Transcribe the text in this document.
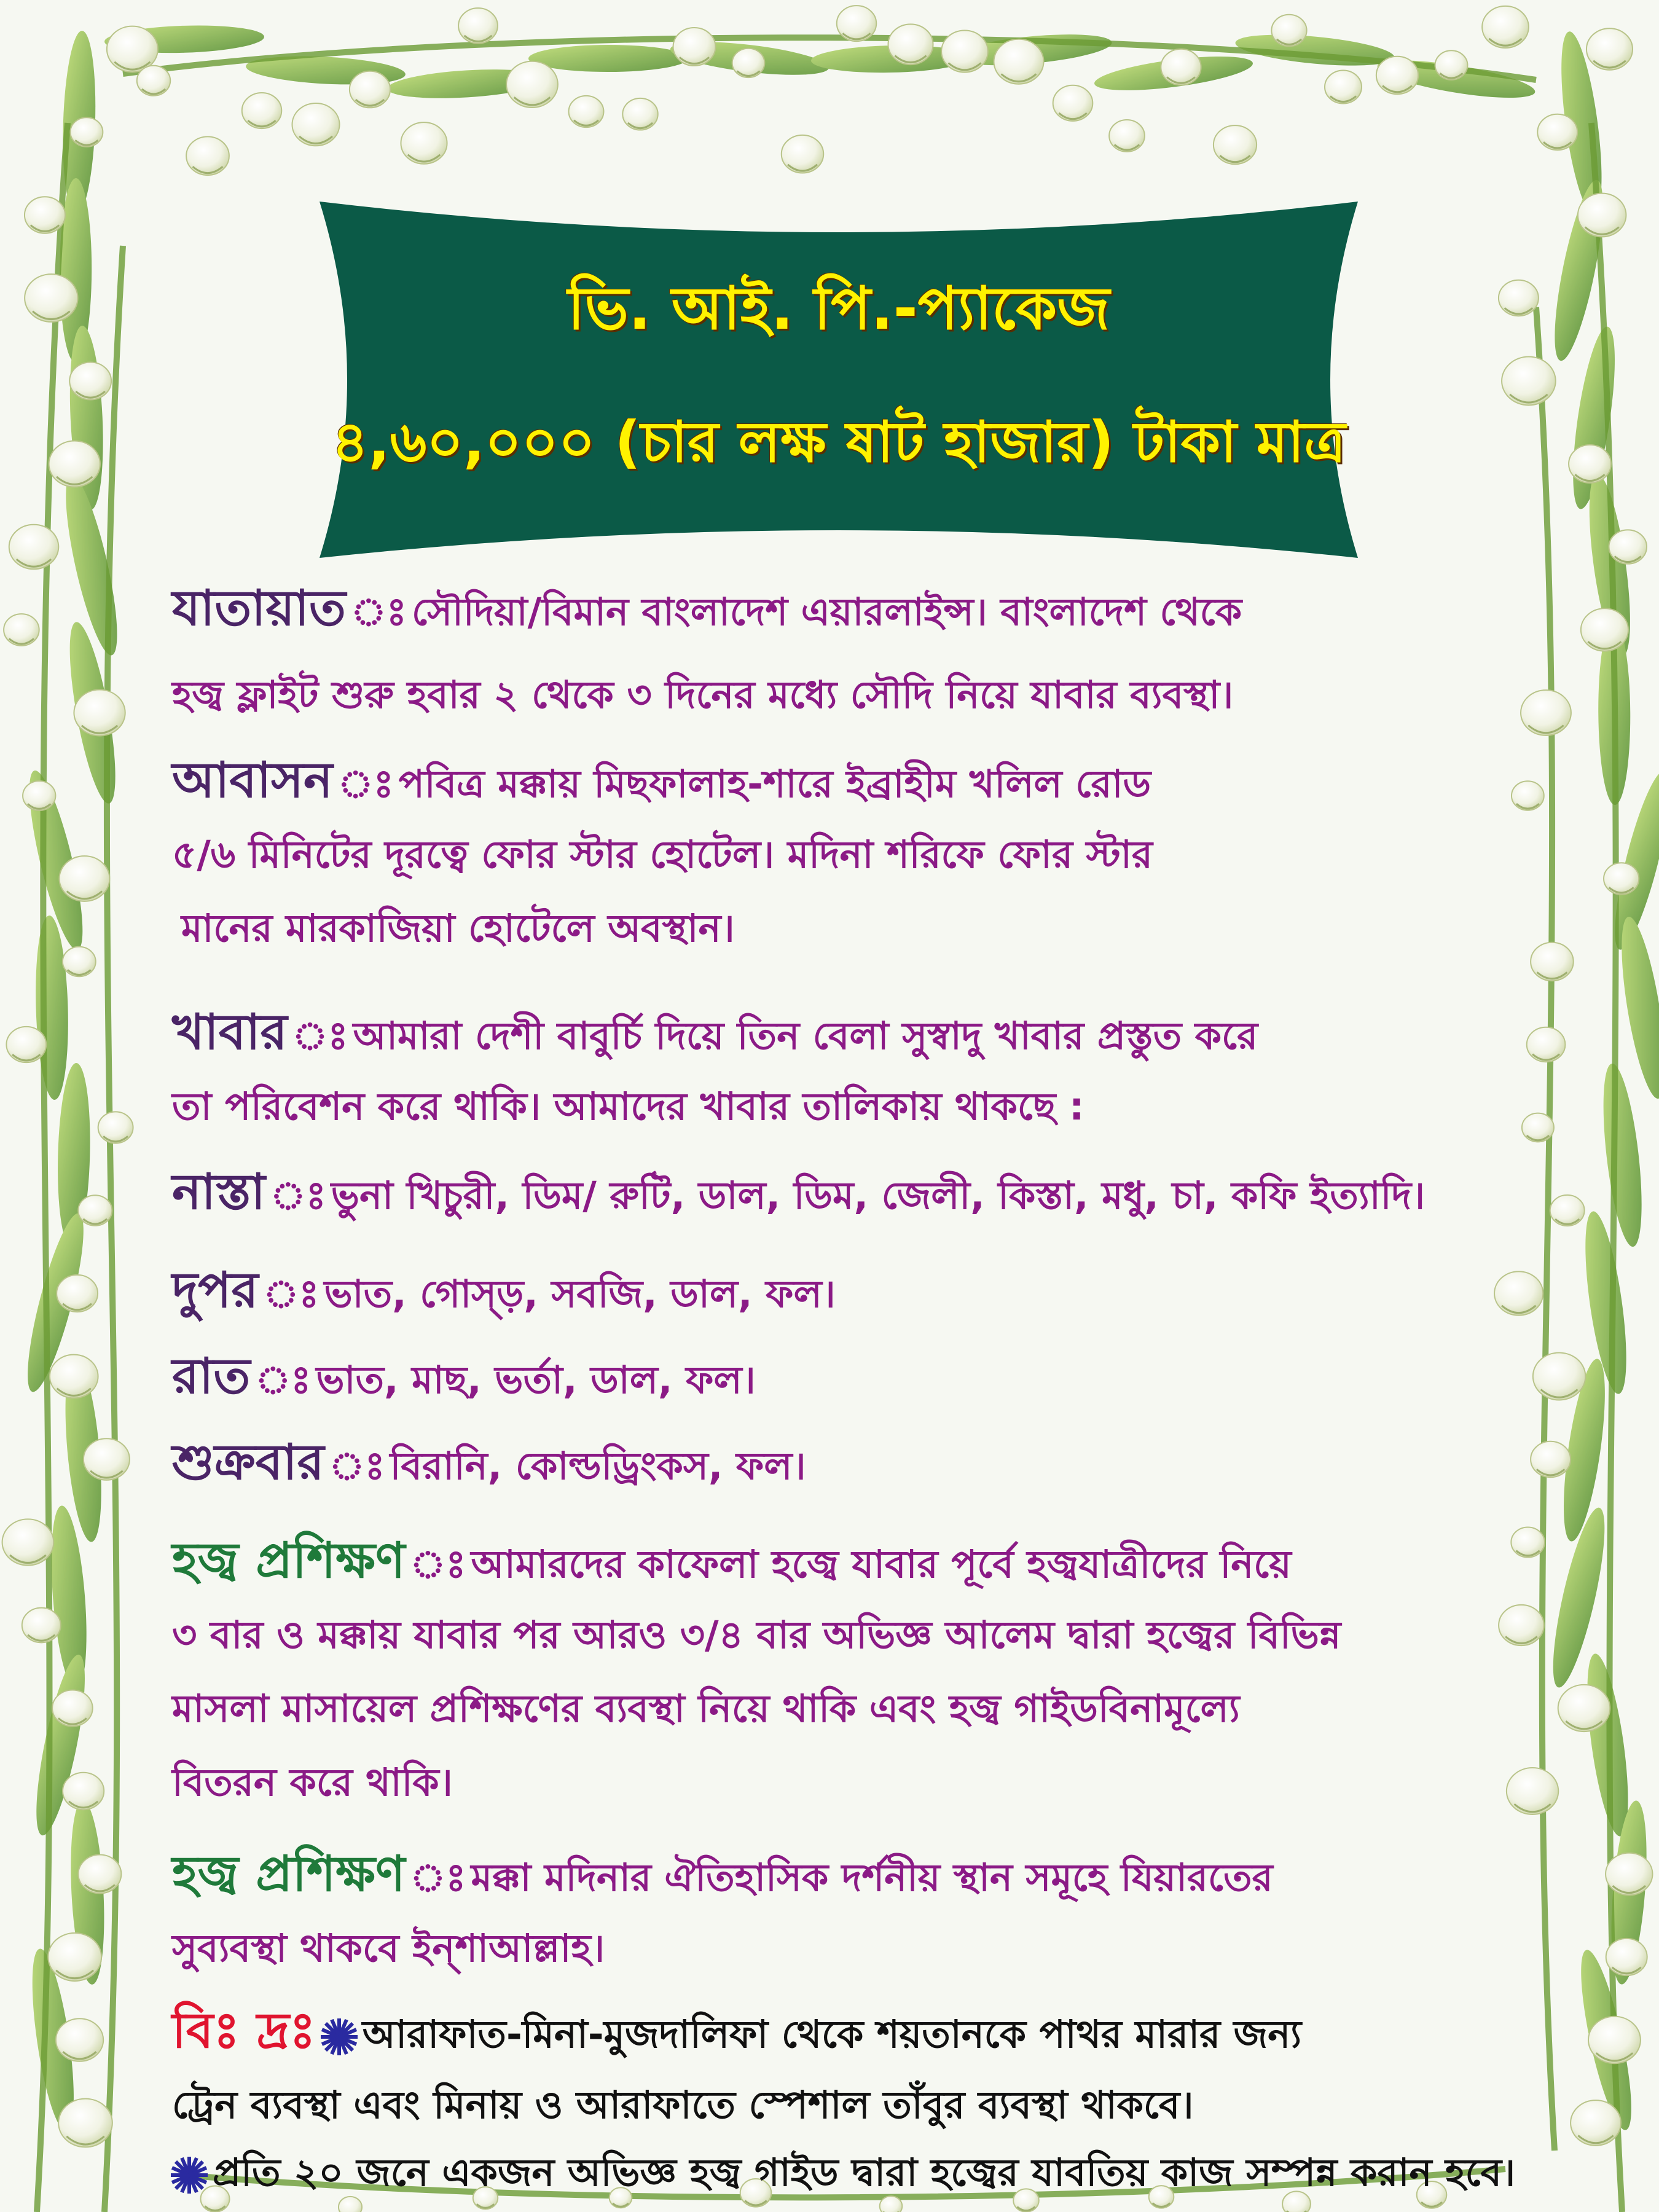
ভি. আই. পি.-প্যাকেজ
৪,৬০,০০০ (চার লক্ষ ষাট হাজার) টাকা মাত্র
যাতায়াত ঃ সৌদিয়া/বিমান বাংলাদেশ এয়ারলাইন্স। বাংলাদেশ থেকে
হজ্ব ফ্লাইট শুরু হবার ২ থেকে ৩ দিনের মধ্যে সৌদি নিয়ে যাবার ব্যবস্থা।
আবাসন ঃ পবিত্র মক্কায় মিছফালাহ-শারে ইব্রাহীম খলিল রোড
৫/৬ মিনিটের দূরত্বে ফোর স্টার হোটেল। মদিনা শরিফে ফোর স্টার
মানের মারকাজিয়া হোটেলে অবস্থান।
খাবার ঃ আমারা দেশী বাবুর্চি দিয়ে তিন বেলা সুস্বাদু খাবার প্রস্তুত করে
তা পরিবেশন করে থাকি। আমাদের খাবার তালিকায় থাকছে :
নাস্তা ঃ ভুনা খিচুরী, ডিম/ রুটি, ডাল, ডিম, জেলী, কিস্তা, মধু, চা, কফি ইত্যাদি।
দুপর ঃ ভাত, গোস্ড়, সবজি, ডাল, ফল।
রাত ঃ ভাত, মাছ, ভর্তা, ডাল, ফল।
শুক্রবার ঃ বিরানি, কোল্ডড্রিংকস, ফল।
হজ্ব প্রশিক্ষণ ঃ আমারদের কাফেলা হজ্বে যাবার পূর্বে হজ্বযাত্রীদের নিয়ে
৩ বার ও মক্কায় যাবার পর আরও ৩/৪ বার অভিজ্ঞ আলেম দ্বারা হজ্বের বিভিন্ন
মাসলা মাসায়েল প্রশিক্ষণের ব্যবস্থা নিয়ে থাকি এবং হজ্ব গাইডবিনামূল্যে
বিতরন করে থাকি।
হজ্ব প্রশিক্ষণ ঃ মক্কা মদিনার ঐতিহাসিক দর্শনীয় স্থান সমূহে যিয়ারতের
সুব্যবস্থা থাকবে ইন্‌শাআল্লাহ।
বিঃ দ্রঃ আরাফাত-মিনা-মুজদালিফা থেকে শয়তানকে পাথর মারার জন্য
ট্রেন ব্যবস্থা এবং মিনায় ও আরাফাতে স্পেশাল তাঁবুর ব্যবস্থা থাকবে।
প্রতি ২০ জনে একজন অভিজ্ঞ হজ্ব গাইড দ্বারা হজ্বের যাবতিয় কাজ সম্পন্ন করান হবে।
